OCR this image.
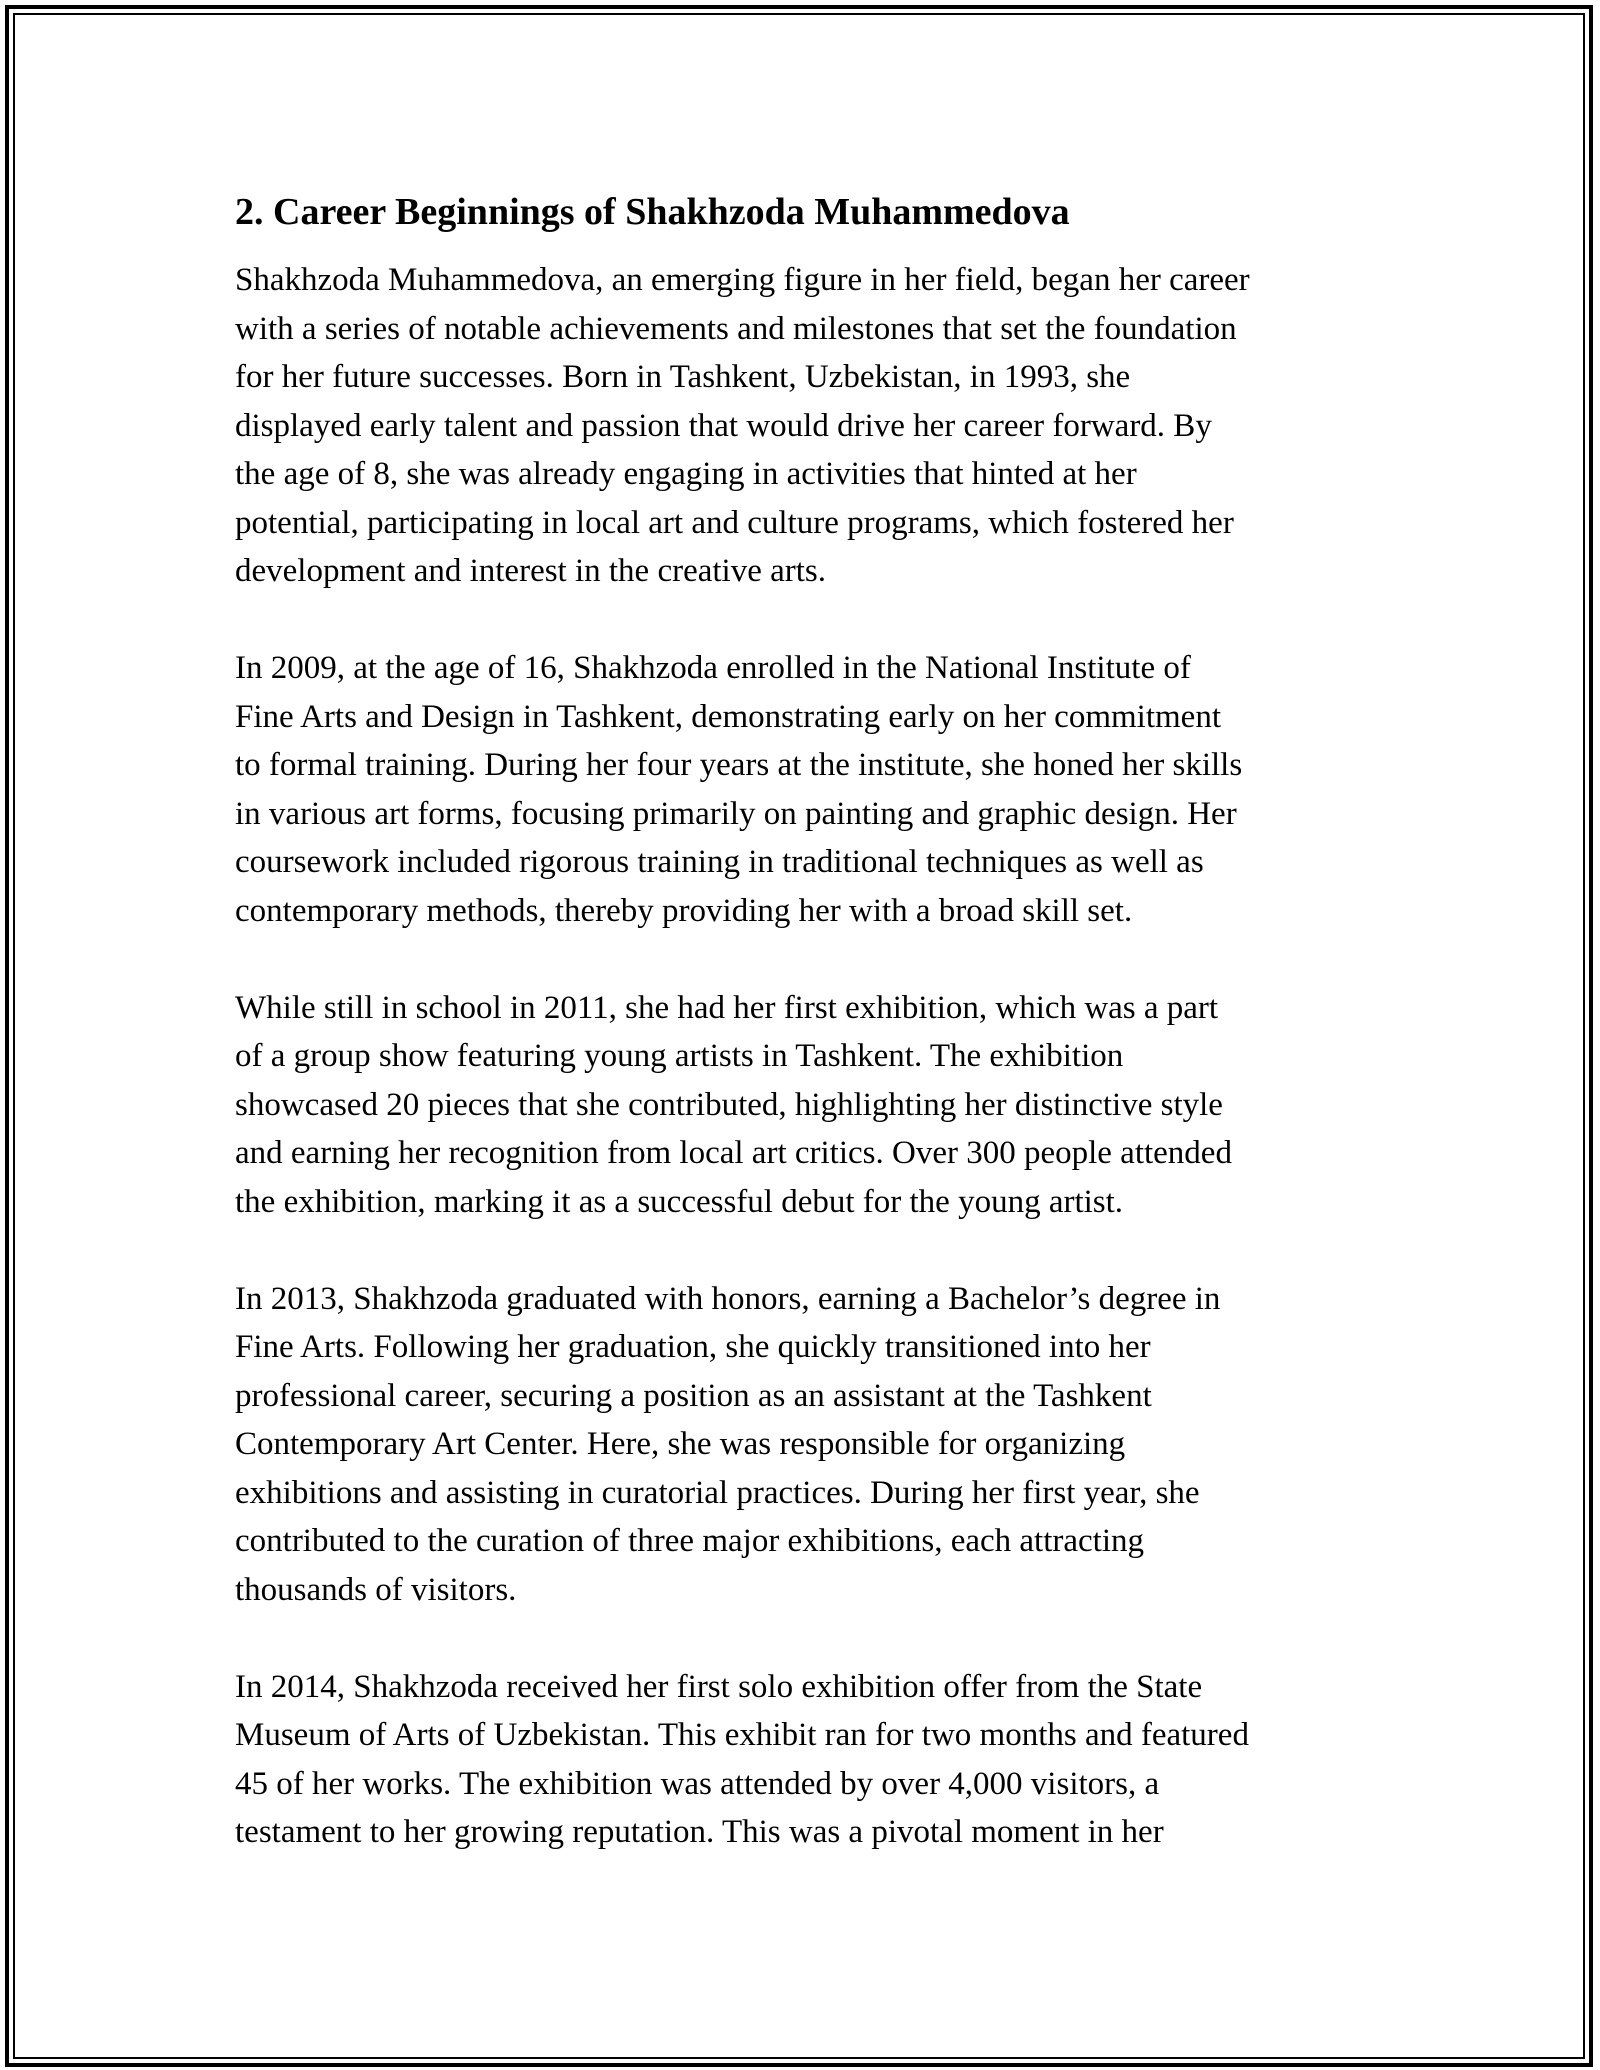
2. Career Beginnings of Shakhzoda Muhammedova

Shakhzoda Muhammedova, an emerging figure in her field, began her career
with a series of notable achievements and milestones that set the foundation
for her future successes. Born in Tashkent, Uzbekistan, in 1993, she
displayed early talent and passion that would drive her career forward. By
the age of 8, she was already engaging in activities that hinted at her
potential, participating in local art and culture programs, which fostered her
development and interest in the creative arts.

In 2009, at the age of 16, Shakhzoda enrolled in the National Institute of
Fine Arts and Design in Tashkent, demonstrating early on her commitment
to formal training. During her four years at the institute, she honed her skills
in various art forms, focusing primarily on painting and graphic design. Her
coursework included rigorous training in traditional techniques as well as
contemporary methods, thereby providing her with a broad skill set.

While still in school in 2011, she had her first exhibition, which was a part
of a group show featuring young artists in Tashkent. The exhibition
showcased 20 pieces that she contributed, highlighting her distinctive style
and earning her recognition from local art critics. Over 300 people attended
the exhibition, marking it as a successful debut for the young artist.

In 2013, Shakhzoda graduated with honors, earning a Bachelor’s degree in
Fine Arts. Following her graduation, she quickly transitioned into her
professional career, securing a position as an assistant at the Tashkent
Contemporary Art Center. Here, she was responsible for organizing
exhibitions and assisting in curatorial practices. During her first year, she
contributed to the curation of three major exhibitions, each attracting
thousands of visitors.

In 2014, Shakhzoda received her first solo exhibition offer from the State
Museum of Arts of Uzbekistan. This exhibit ran for two months and featured
45 of her works. The exhibition was attended by over 4,000 visitors, a
testament to her growing reputation. This was a pivotal moment in her
